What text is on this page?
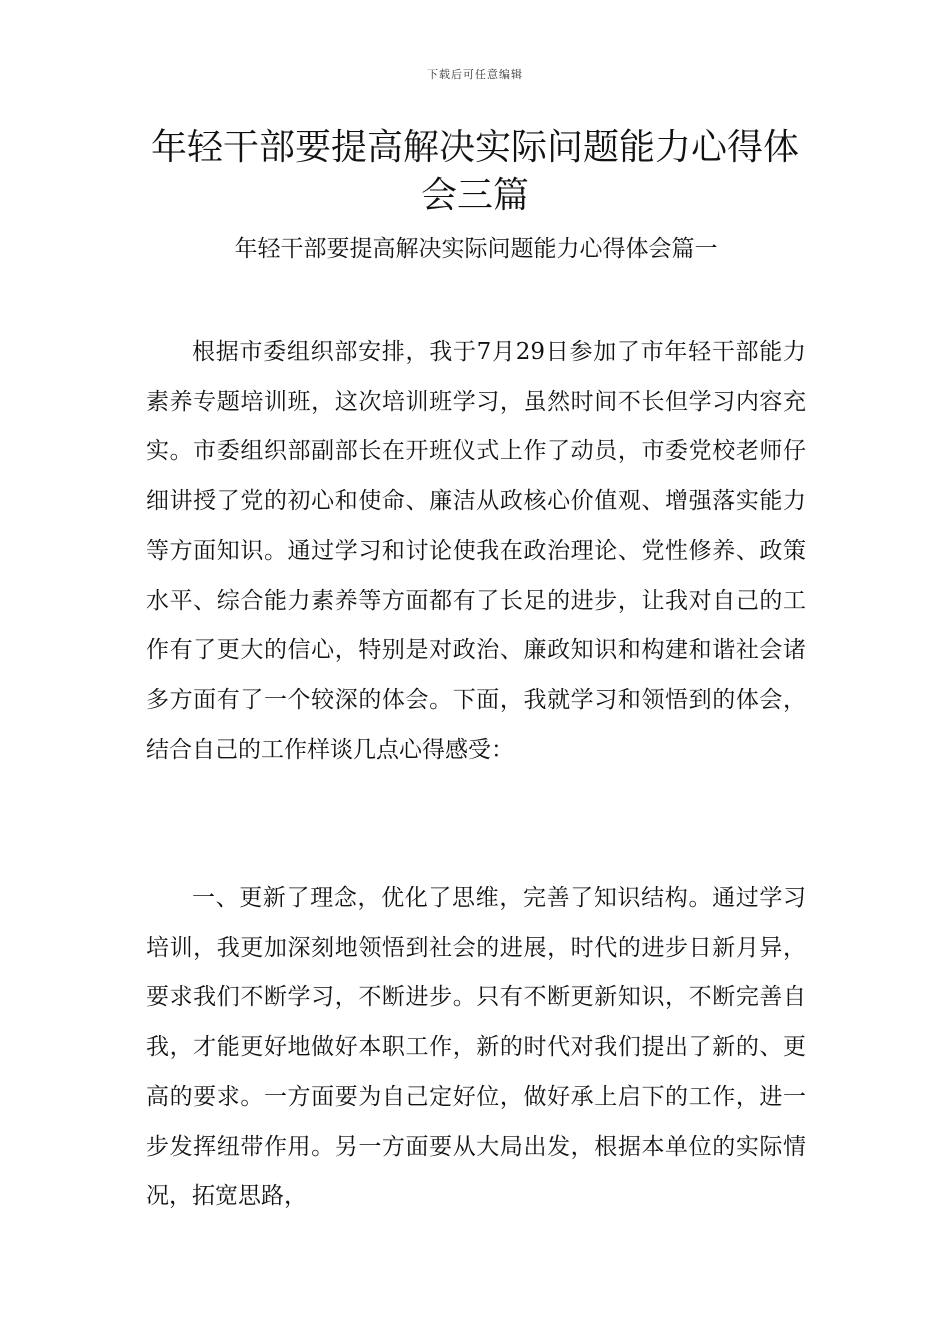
下载后可任意编辑
年轻干部要提高解决实际问题能力心得体会三篇

年轻干部要提高解决实际问题能力心得体会篇一

根据市委组织部安排，我于7月29日参加了市年轻干部能力素养专题培训班，这次培训班学习，虽然时间不长但学习内容充实。市委组织部副部长在开班仪式上作了动员，市委党校老师仔细讲授了党的初心和使命、廉洁从政核心价值观、增强落实能力等方面知识。通过学习和讨论使我在政治理论、党性修养、政策水平、综合能力素养等方面都有了长足的进步，让我对自己的工作有了更大的信心，特别是对政治、廉政知识和构建和谐社会诸多方面有了一个较深的体会。下面，我就学习和领悟到的体会，结合自己的工作样谈几点心得感受：

一、更新了理念，优化了思维，完善了知识结构。通过学习培训，我更加深刻地领悟到社会的进展，时代的进步日新月异，要求我们不断学习，不断进步。只有不断更新知识，不断完善自我，才能更好地做好本职工作，新的时代对我们提出了新的、更高的要求。一方面要为自己定好位，做好承上启下的工作，进一步发挥纽带作用。另一方面要从大局出发，根据本单位的实际情况，拓宽思路，
